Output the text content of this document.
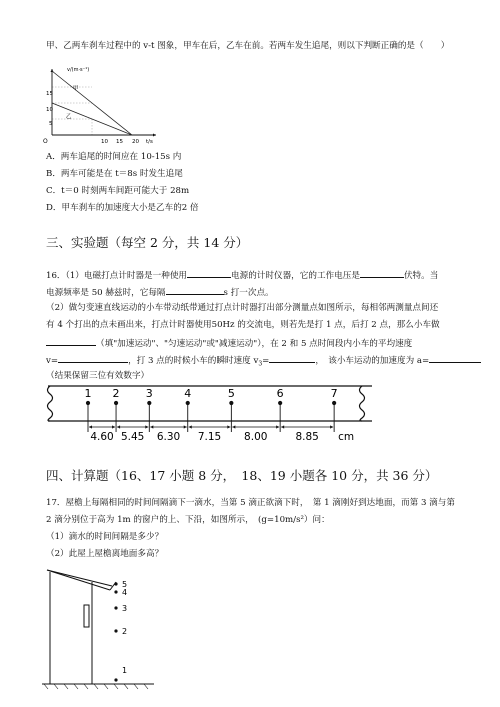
甲、乙两车刹车过程中的 v-t 图象，甲车在后，乙车在前。若两车发生追尾，则以下判断正确的是（　　）
v/(m·s⁻¹)
t/s
O
15
10
5
10 15 20
甲
乙
A．两车追尾的时间应在 10-15s 内
B．两车可能是在 t＝8s 时发生追尾
C．t＝0 时刻两车间距可能大于 28m
D．甲车刹车的加速度大小是乙车的2 倍
三、实验题（每空 2 分，共 14 分）
16．（1）电磁打点计时器是一种使用	电源的计时仪器，它的工作电压是	伏特。当
电源频率是 50 赫兹时，它每隔	s 打一次点。
（2）做匀变速直线运动的小车带动纸带通过打点计时器打出部分测量点如图所示，每相邻两测量点间还
有 4 个打出的点未画出来，打点计时器使用50Hz 的交流电，则若先是打 1 点，后打 2 点，那么小车做
（填"加速运动"、"匀速运动"或"减速运动"），在 2 和 5 点时间段内小车的平均速度
v=	，打 3 点的时候小车的瞬时速度 $v_3=$	，　该小车运动的加速度为 a=
（结果保留三位有效数字）
1 2 3	4	5	6	7
4.60 5.45 6.30 7.15 8.00	8.85 cm
四、计算题（16、17 小题 8 分，　18、19 小题各 10 分，共 36 分）
17．屋檐上每隔相同的时间间隔滴下一滴水，当第 5 滴正欲滴下时，　第 1 滴刚好到达地面，而第 3 滴与第
2 滴分别位于高为 1m 的窗户的上、下沿，如图所示，　(g=10m/s²）问：
（1）滴水的时间间隔是多少？
（2）此屋上屋檐离地面多高？
5
4
3
2
1
